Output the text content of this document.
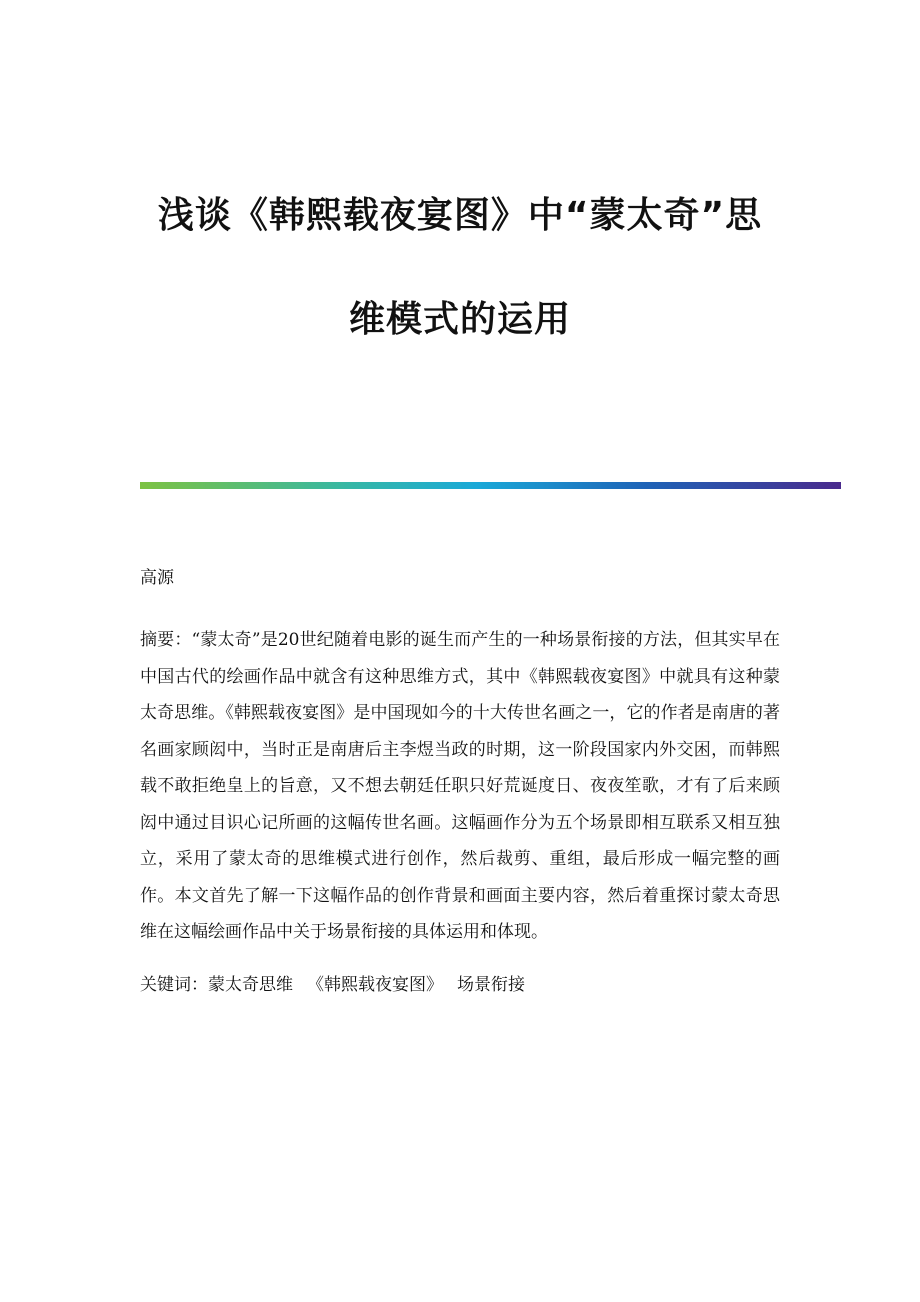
浅谈《韩熙载夜宴图》中“蒙太奇”思
维模式的运用

高源

摘要：“蒙太奇”是20世纪随着电影的诞生而产生的一种场景衔接的方法，但其实早在中国古代的绘画作品中就含有这种思维方式，其中《韩熙载夜宴图》中就具有这种蒙太奇思维。《韩熙载夜宴图》是中国现如今的十大传世名画之一，它的作者是南唐的著名画家顾闳中，当时正是南唐后主李煜当政的时期，这一阶段国家内外交困，而韩熙载不敢拒绝皇上的旨意，又不想去朝廷任职只好荒诞度日、夜夜笙歌，才有了后来顾闳中通过目识心记所画的这幅传世名画。这幅画作分为五个场景即相互联系又相互独立，采用了蒙太奇的思维模式进行创作，然后裁剪、重组，最后形成一幅完整的画作。本文首先了解一下这幅作品的创作背景和画面主要内容，然后着重探讨蒙太奇思维在这幅绘画作品中关于场景衔接的具体运用和体现。

关键词：蒙太奇思维 《韩熙载夜宴图》 场景衔接
